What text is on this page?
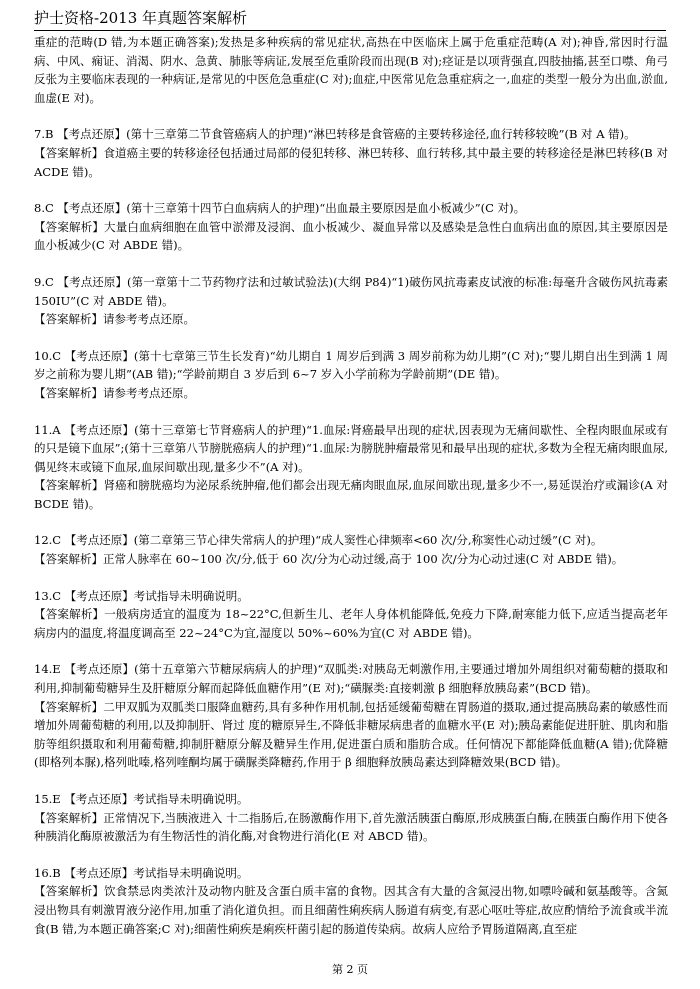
护士资格-2013 年真题答案解析

重症的范畴(D 错,为本题正确答案);发热是多种疾病的常见症状,高热在中医临床上属于危重症范畴(A 对);神昏,常因时行温病、中风、痫证、消渴、阴水、急黄、肺胀等病证,发展至危重阶段而出现(B 对);痉证是以项背强直,四肢抽搐,甚至口噤、角弓反张为主要临床表现的一种病证,是常见的中医危急重症(C 对);血症,中医常见危急重症病之一,血症的类型一般分为出血,淤血,血虚(E 对)。

7.B 【考点还原】(第十三章第二节食管癌病人的护理)“淋巴转移是食管癌的主要转移途径,血行转移较晚”(B 对 A 错)。

【答案解析】食道癌主要的转移途径包括通过局部的侵犯转移、淋巴转移、血行转移,其中最主要的转移途径是淋巴转移(B 对 ACDE 错)。

8.C 【考点还原】(第十三章第十四节白血病病人的护理)“出血最主要原因是血小板减少”(C 对)。

【答案解析】大量白血病细胞在血管中淤滞及浸润、血小板减少、凝血异常以及感染是急性白血病出血的原因,其主要原因是血小板减少(C 对 ABDE 错)。

9.C 【考点还原】(第一章第十二节药物疗法和过敏试验法)(大纲 P84)“1)破伤风抗毒素皮试液的标准:每毫升含破伤风抗毒素 150IU”(C 对 ABDE 错)。

【答案解析】请参考考点还原。

10.C 【考点还原】(第十七章第三节生长发育)“幼儿期自 1 周岁后到满 3 周岁前称为幼儿期”(C 对);“婴儿期自出生到满 1 周岁之前称为婴儿期”(AB 错);“学龄前期自 3 岁后到 6~7 岁入小学前称为学龄前期”(DE 错)。

【答案解析】请参考考点还原。

11.A 【考点还原】(第十三章第七节肾癌病人的护理)“1.血尿:肾癌最早出现的症状,因表现为无痛间歇性、全程肉眼血尿或有的只是镜下血尿”;(第十三章第八节膀胱癌病人的护理)“1.血尿:为膀胱肿瘤最常见和最早出现的症状,多数为全程无痛肉眼血尿,偶见终末或镜下血尿,血尿间歇出现,量多少不”(A 对)。

【答案解析】肾癌和膀胱癌均为泌尿系统肿瘤,他们都会出现无痛肉眼血尿,血尿间歇出现,量多少不一,易延误治疗或漏诊(A 对 BCDE 错)。

12.C 【考点还原】(第二章第三节心律失常病人的护理)“成人窦性心律频率<60 次/分,称窦性心动过缓”(C 对)。

【答案解析】正常人脉率在 60~100 次/分,低于 60 次/分为心动过缓,高于 100 次/分为心动过速(C 对 ABDE 错)。

13.C 【考点还原】考试指导未明确说明。

【答案解析】一般病房适宜的温度为 18~22°C,但新生儿、老年人身体机能降低,免疫力下降,耐寒能力低下,应适当提高老年病房内的温度,将温度调高至 22~24°C为宜,湿度以 50%~60%为宜(C 对 ABDE 错)。

14.E 【考点还原】(第十五章第六节糖尿病病人的护理)“双胍类:对胰岛无刺激作用,主要通过增加外周组织对葡萄糖的摄取和利用,抑制葡萄糖异生及肝糖原分解而起降低血糖作用”(E 对);“磺脲类:直接刺激 β 细胞释放胰岛素”(BCD 错)。

【答案解析】二甲双胍为双胍类口服降血糖药,具有多种作用机制,包括延缓葡萄糖在胃肠道的摄取,通过提高胰岛素的敏感性而增加外周葡萄糖的利用,以及抑制肝、肾过 度的糖原异生,不降低非糖尿病患者的血糖水平(E 对);胰岛素能促进肝脏、肌肉和脂肪等组织摄取和利用葡萄糖,抑制肝糖原分解及糖异生作用,促进蛋白质和脂肪合成。任何情况下都能降低血糖(A 错);优降糖(即格列本脲),格列吡嗪,格列喹酮均属于磺脲类降糖药,作用于 β 细胞释放胰岛素达到降糖效果(BCD 错)。

15.E 【考点还原】考试指导未明确说明。

【答案解析】正常情况下,当胰液进入 十二指肠后,在肠激酶作用下,首先激活胰蛋白酶原,形成胰蛋白酶,在胰蛋白酶作用下使各种胰消化酶原被激活为有生物活性的消化酶,对食物进行消化(E 对 ABCD 错)。

16.B 【考点还原】考试指导未明确说明。

【答案解析】饮食禁忌肉类浓汁及动物内脏及含蛋白质丰富的食物。因其含有大量的含氮浸出物,如嘌呤碱和氨基酸等。含氮浸出物具有刺激胃液分泌作用,加重了消化道负担。而且细菌性痢疾病人肠道有病变,有恶心呕吐等症,故应酌情给予流食或半流食(B 错,为本题正确答案;C 对);细菌性痢疾是痢疾杆菌引起的肠道传染病。故病人应给予胃肠道隔离,直至症

第 2 页
